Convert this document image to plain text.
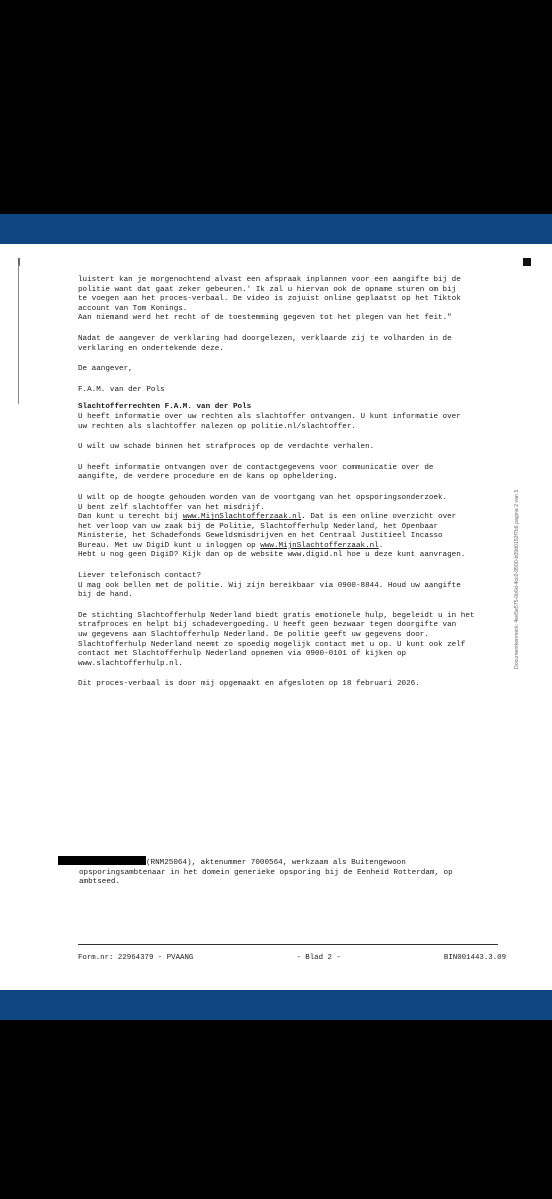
luistert kan je morgenochtend alvast een afspraak inplannen voor een aangifte bij de
politie want dat gaat zeker gebeuren.' Ik zal u hiervan ook de opname sturen om bij
te voegen aan het proces-verbaal. De video is zojuist online geplaatst op het Tiktok
account van Tom Konings.
Aan niemand werd het recht of de toestemming gegeven tot het plegen van het feit."

Nadat de aangever de verklaring had doorgelezen, verklaarde zij te volharden in de
verklaring en ondertekende deze.

De aangever,

F.A.M. van der Pols

Slachtofferrechten F.A.M. van der Pols

U heeft informatie over uw rechten als slachtoffer ontvangen. U kunt informatie over
uw rechten als slachtoffer nalezen op politie.nl/slachtoffer.

U wilt uw schade binnen het strafproces op de verdachte verhalen.

U heeft informatie ontvangen over de contactgegevens voor communicatie over de
aangifte, de verdere procedure en de kans op opheldering.

U wilt op de hoogte gehouden worden van de voortgang van het opsporingsonderzoek.
U bent zelf slachtoffer van het misdrijf.
Dan kunt u terecht bij www.MijnSlachtofferzaak.nl. Dat is een online overzicht over
het verloop van uw zaak bij de Politie, Slachtofferhulp Nederland, het Openbaar
Ministerie, het Schadefonds Geweldsmisdrijven en het Centraal Justitieel Incasso
Bureau. Met uw DigiD kunt u inloggen op www.MijnSlachtofferzaak.nl.
Hebt u nog geen DigiD? Kijk dan op de website www.digid.nl hoe u deze kunt aanvragen.

Liever telefonisch contact?
U mag ook bellen met de politie. Wij zijn bereikbaar via 0900-8844. Houd uw aangifte
bij de hand.

De stichting Slachtofferhulp Nederland biedt gratis emotionele hulp, begeleidt u in het
strafproces en helpt bij schadevergoeding. U heeft geen bezwaar tegen doorgifte van
uw gegevens aan Slachtofferhulp Nederland. De politie geeft uw gegevens door.
Slachtofferhulp Nederland neemt zo spoedig mogelijk contact met u op. U kunt ook zelf
contact met Slachtofferhulp Nederland opnemen via 0900-0101 of kijken op
www.slachtofferhulp.nl.

Dit proces-verbaal is door mij opgemaakt en afgesloten op 18 februari 2026.

(RNM25064), aktenummer 7000564, werkzaam als Buitengewoon
opsporingsambtenaar in het domein generieke opsporing bij de Eenheid Rotterdam, op
ambtseed.
Documentkenmerk: 4ee5e575-0b6d-4cc0-9500-b09d0152f7b6 pagina 2 van 3
Form.nr: 22964379 - PVAANG	- Blad 2 -	BIN001443.3.09
